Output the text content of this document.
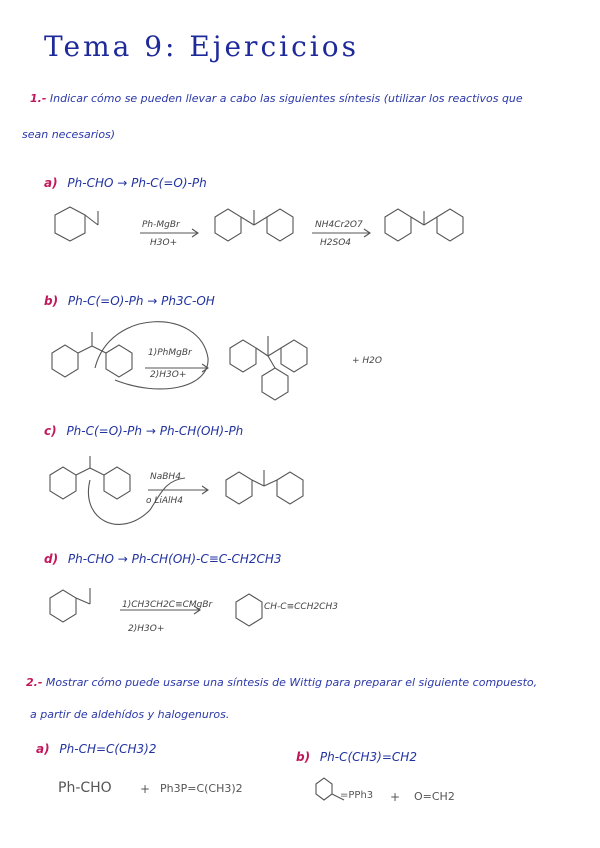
Tema 9: Ejercicios
1.- Indicar cómo se pueden llevar a cabo las siguientes síntesis (utilizar los reactivos que
sean necesarios)
a) Ph-CHO → Ph-C(=O)-Ph
Ph-MgBr
H3O+
NH4Cr2O7
H2SO4
b) Ph-C(=O)-Ph → Ph3C-OH
1)PhMgBr
2)H3O+
+ H2O
c) Ph-C(=O)-Ph → Ph-CH(OH)-Ph
NaBH4
o LiAlH4
d) Ph-CHO → Ph-CH(OH)-C≡C-CH2CH3
1)CH3CH2C≡CMgBr
2)H3O+
CH-C≡CCH2CH3
2.- Mostrar cómo puede usarse una síntesis de Wittig para preparar el siguiente compuesto,
a partir de aldehídos y halogenuros.
a) Ph-CH=C(CH3)2
Ph-CHO + Ph3P=C(CH3)2
b) Ph-C(CH3)=CH2
=PPh3 + O=CH2
